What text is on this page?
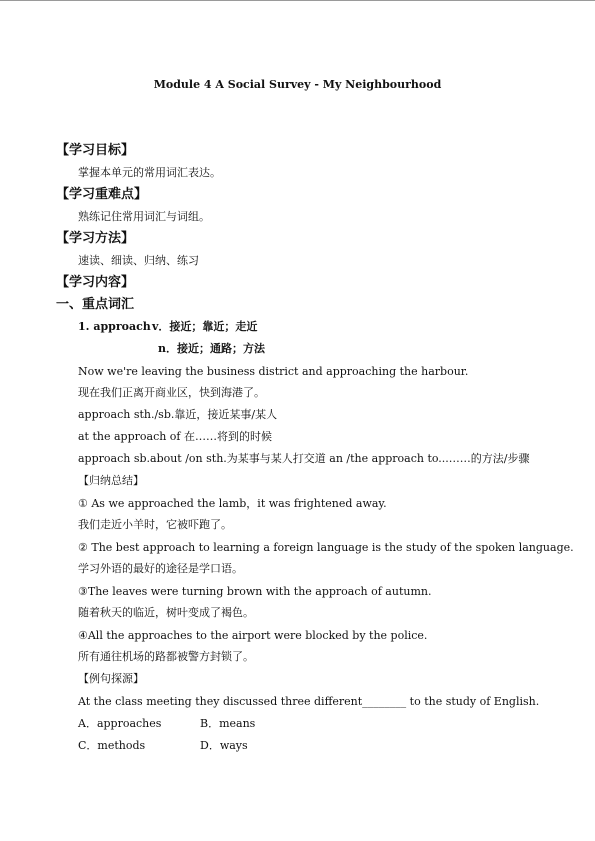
Module 4 A Social Survey - My Neighbourhood
【学习目标】
掌握本单元的常用词汇表达。
【学习重难点】
熟练记住常用词汇与词组。
【学习方法】
速读、细读、归纳、练习
【学习内容】
一、重点词汇
1. approach v．接近；靠近；走近
n．接近；通路；方法
Now we're leaving the business district and approaching the harbour.
现在我们正离开商业区，快到海港了。
approach sth./sb.靠近，接近某事/某人
at the approach of 在……将到的时候
approach sb.about /on sth.为某事与某人打交道 an /the approach to...……的方法/步骤
【归纳总结】
① As we approached the lamb，it was frightened away.
我们走近小羊时，它被吓跑了。
② The best approach to learning a foreign language is the study of the spoken language.
学习外语的最好的途径是学口语。
③The leaves were turning brown with the approach of autumn.
随着秋天的临近，树叶变成了褐色。
④All the approaches to the airport were blocked by the police.
所有通往机场的路都被警方封锁了。
【例句探源】
At the class meeting they discussed three different________ to the study of English.
A．approaches	B．means
C．methods	D．ways
